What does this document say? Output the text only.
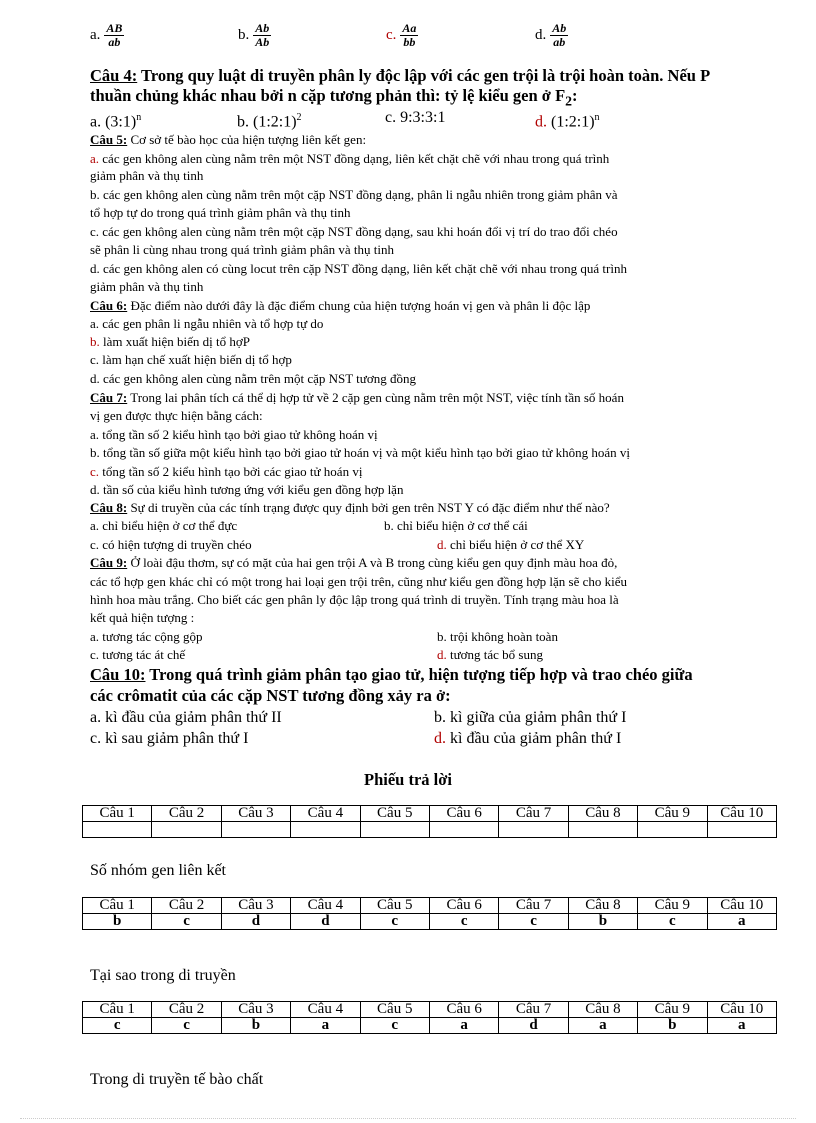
a. $\frac{AB}{ab}$	b. $\frac{Ab}{Ab}$	c. $\frac{Aa}{bb}$	d. $\frac{Ab}{ab}$
Câu 4: Trong quy luật di truyền phân ly độc lập với các gen trội là trội hoàn toàn. Nếu P
thuần chủng khác nhau bởi n cặp tương phản thì: tỷ lệ kiểu gen ở $F_2$:
a. (3:1)$^n$	b. (1:2:1)$^2$	c. 9:3:3:1	d. (1:2:1)$^n$
Câu 5: Cơ sở tế bào học của hiện tượng liên kết gen:
a. các gen không alen cùng nằm trên một NST đồng dạng, liên kết chặt chẽ với nhau trong quá trình
giảm phân và thụ tinh
b. các gen không alen cùng nằm trên một cặp NST đồng dạng, phân li ngẫu nhiên trong giảm phân và
tổ hợp tự do trong quá trình giảm phân và thụ tinh
c. các gen không alen cùng nằm trên một cặp NST đồng dạng, sau khi hoán đổi vị trí do trao đổi chéo
sẽ phân li cùng nhau trong quá trình giảm phân và thụ tinh
d. các gen không alen có cùng locut trên cặp NST đồng dạng, liên kết chặt chẽ với nhau trong quá trình
giảm phân và thụ tinh
Câu 6: Đặc điểm nào dưới đây là đặc điểm chung của hiện tượng hoán vị gen và phân li độc lập
a. các gen phân li ngẫu nhiên và tổ hợp tự do
b. làm xuất hiện biến dị tổ hợP
c. làm hạn chế xuất hiện biến dị tổ hợp
d. các gen không alen cùng nằm trên một cặp NST tương đồng
Câu 7: Trong lai phân tích cá thể dị hợp tử về 2 cặp gen cùng nằm trên một NST, việc tính tần số hoán
vị gen được thực hiện bằng cách:
a. tổng tần số 2 kiểu hình tạo bởi giao tử không hoán vị
b. tổng tần số giữa một kiểu hình tạo bởi giao tử hoán vị và một kiểu hình tạo bởi giao tử không hoán vị
c. tổng tần số 2 kiểu hình tạo bởi các giao tử hoán vị
d. tần số của kiểu hình tương ứng với kiểu gen đồng hợp lặn
Câu 8: Sự di truyền của các tính trạng được quy định bởi gen trên NST Y có đặc điểm như thế nào?
a. chỉ biểu hiện ở cơ thể đực	b. chỉ biểu hiện ở cơ thể cái
c. có hiện tượng di truyền chéo	d. chỉ biểu hiện ở cơ thể XY
Câu 9: Ở loài đậu thơm, sự có mặt của hai gen trội A và B trong cùng kiểu gen quy định màu hoa đỏ,
các tổ hợp gen khác chỉ có một trong hai loại gen trội trên, cũng như kiểu gen đồng hợp lặn sẽ cho kiểu
hình hoa màu trắng. Cho biết các gen phân ly độc lập trong quá trình di truyền. Tính trạng màu hoa là
kết quả hiện tượng :
a. tương tác cộng gộp	b. trội không hoàn toàn
c. tương tác át chế	d. tương tác bổ sung
Câu 10: Trong quá trình giảm phân tạo giao tử, hiện tượng tiếp hợp và trao chéo giữa
các crômatit của các cặp NST tương đồng xảy ra ở:
a. kì đầu của giảm phân thứ II	b. kì giữa của giảm phân thứ I
c. kì sau giảm phân thứ I	d. kì đầu của giảm phân thứ I
Phiếu trả lời
Câu 1	Câu 2	Câu 3	Câu 4	Câu 5	Câu 6	Câu 7	Câu 8	Câu 9	Câu 10

Số nhóm gen liên kết
Câu 1	Câu 2	Câu 3	Câu 4	Câu 5	Câu 6	Câu 7	Câu 8	Câu 9	Câu 10
b	c	d	d	c	c	c	b	c	a
Tại sao trong di truyền
Câu 1	Câu 2	Câu 3	Câu 4	Câu 5	Câu 6	Câu 7	Câu 8	Câu 9	Câu 10
c	c	b	a	c	a	d	a	b	a
Trong di truyền tế bào chất
